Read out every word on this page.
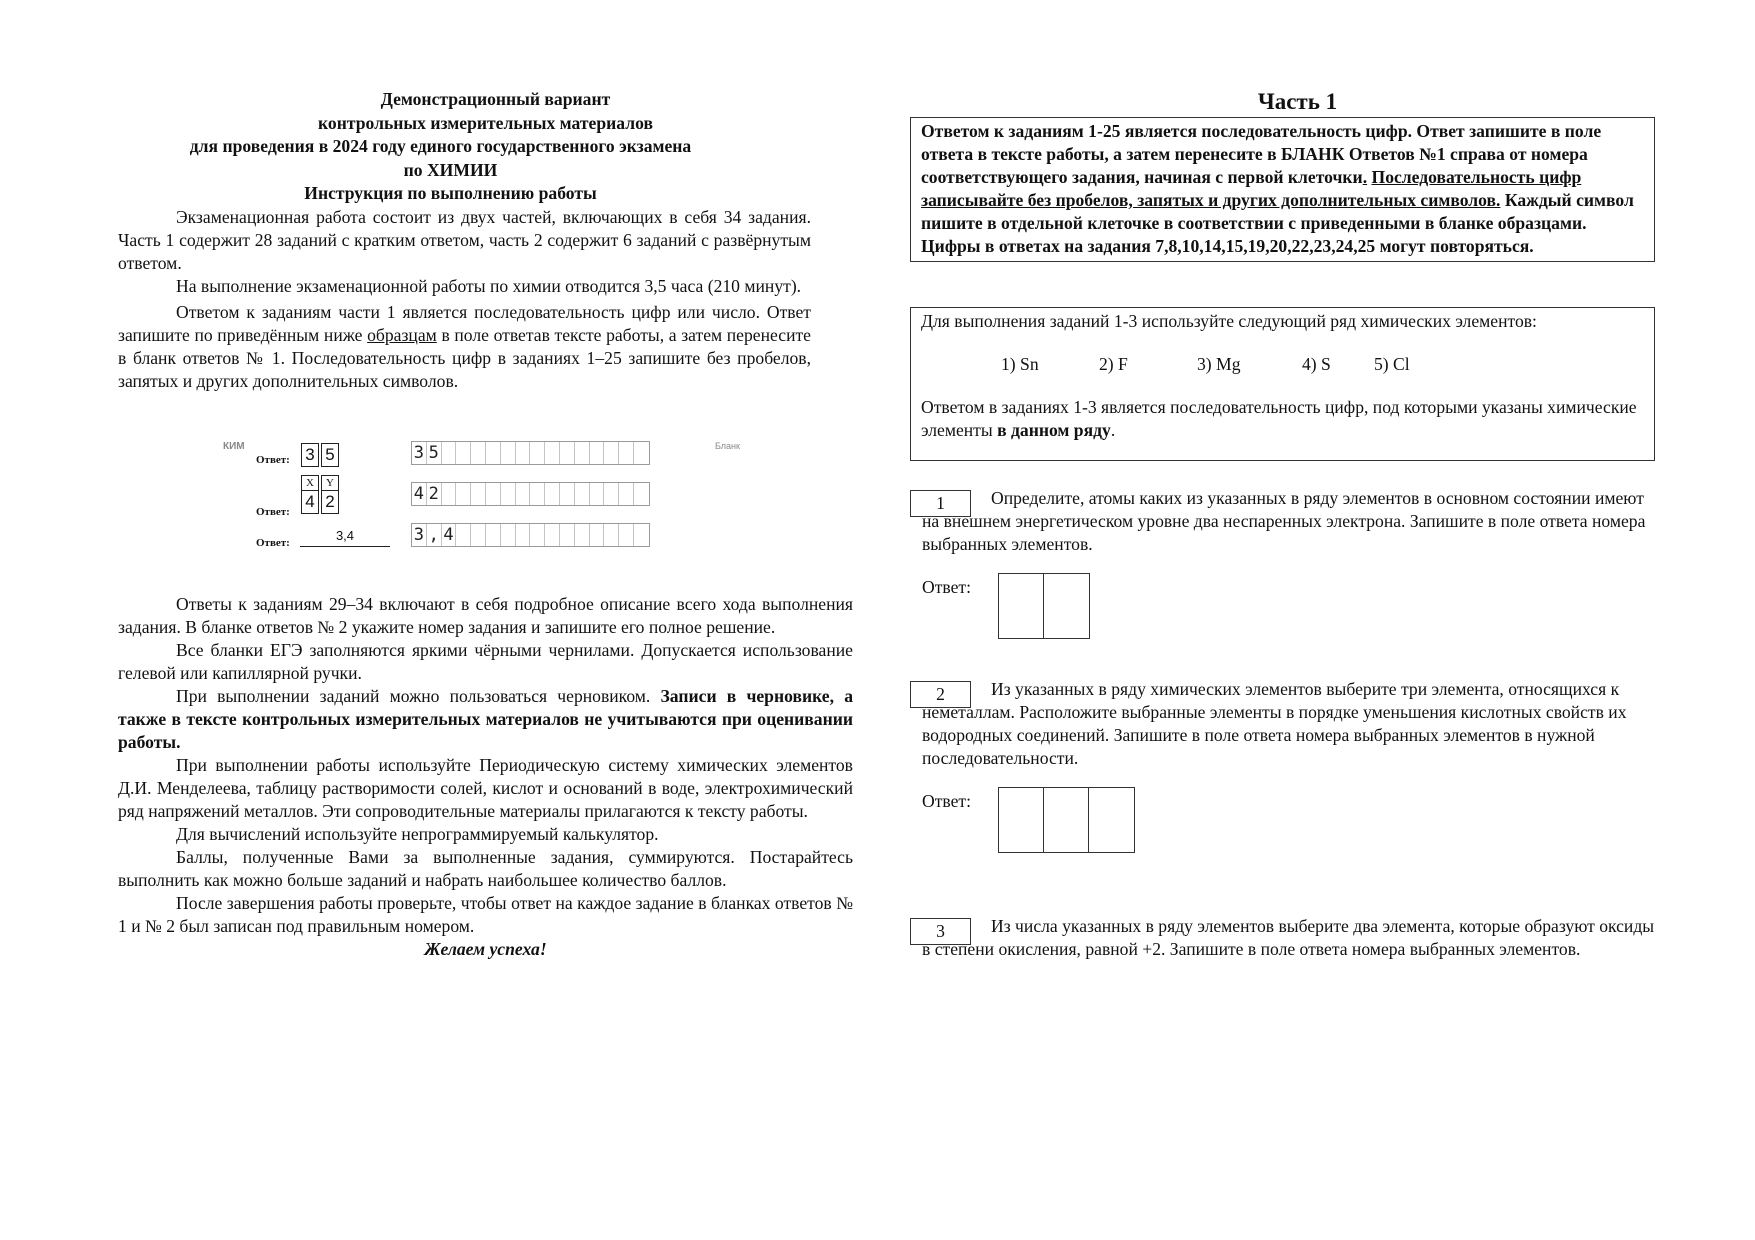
Демонстрационный вариант
контрольных измерительных материалов
для проведения в 2024 году единого государственного экзамена
по ХИМИИ
Инструкция по выполнению работы

Экзаменационная работа состоит из двух частей, включающих в себя 34 задания. Часть 1 содержит 28 заданий с кратким ответом, часть 2 содержит 6 заданий с развёрнутым ответом.

На выполнение экзаменационной работы по химии отводится 3,5 часа (210 минут).

Ответом к заданиям части 1 является последовательность цифр или число. Ответ запишите по приведённым ниже образцам в поле ответав тексте работы, а затем перенесите в бланк ответов № 1. Последовательность цифр в заданиях 1–25 запишите без пробелов, запятых и других дополнительных символов.

КИМ	Бланк
Ответ: 3 5	3 5
X	Y
Ответ:
4 2	4 2
Ответ:	3,4	3 , 4

Ответы к заданиям 29–34 включают в себя подробное описание всего хода выполнения задания. В бланке ответов № 2 укажите номер задания и запишите его полное решение.

Все бланки ЕГЭ заполняются яркими чёрными чернилами. Допускается использование гелевой или капиллярной ручки.

При выполнении заданий можно пользоваться черновиком. Записи в черновике, а также в тексте контрольных измерительных материалов не учитываются при оценивании работы.

При выполнении работы используйте Периодическую систему химических элементов Д.И. Менделеева, таблицу растворимости солей, кислот и оснований в воде, электрохимический ряд напряжений металлов. Эти сопроводительные материалы прилагаются к тексту работы.

Для вычислений используйте непрограммируемый калькулятор.

Баллы, полученные Вами за выполненные задания, суммируются. Постарайтесь выполнить как можно больше заданий и набрать наибольшее количество баллов.

После завершения работы проверьте, чтобы ответ на каждое задание в бланках ответов № 1 и № 2 был записан под правильным номером.

Желаем успеха!

Часть 1
Ответом к заданиям 1-25 является последовательность цифр. Ответ запишите в поле ответа в тексте работы, а затем перенесите в БЛАНК Ответов №1 справа от номера соответствующего задания, начиная с первой клеточки. Последовательность цифр записывайте без пробелов, запятых и других дополнительных символов. Каждый символ пишите в отдельной клеточке в соответствии с приведенными в бланке образцами. Цифры в ответах на задания 7,8,10,14,15,19,20,22,23,24,25 могут повторяться.
Для выполнения заданий 1-3 используйте следующий ряд химических элементов:
1) Sn	2) F	3) Mg	4) S	5) Cl
Ответом в заданиях 1-3 является последовательность цифр, под которыми указаны химические элементы в данном ряду.
1	Определите, атомы каких из указанных в ряду элементов в основном состоянии имеют на внешнем энергетическом уровне два неспаренных электрона. Запишите в поле ответа номера выбранных элементов.
Ответ:
2	Из указанных в ряду химических элементов выберите три элемента, относящихся к неметаллам. Расположите выбранные элементы в порядке уменьшения кислотных свойств их водородных соединений. Запишите в поле ответа номера выбранных элементов в нужной последовательности.
Ответ:
3	Из числа указанных в ряду элементов выберите два элемента, которые образуют оксиды в степени окисления, равной +2. Запишите в поле ответа номера выбранных элементов.
